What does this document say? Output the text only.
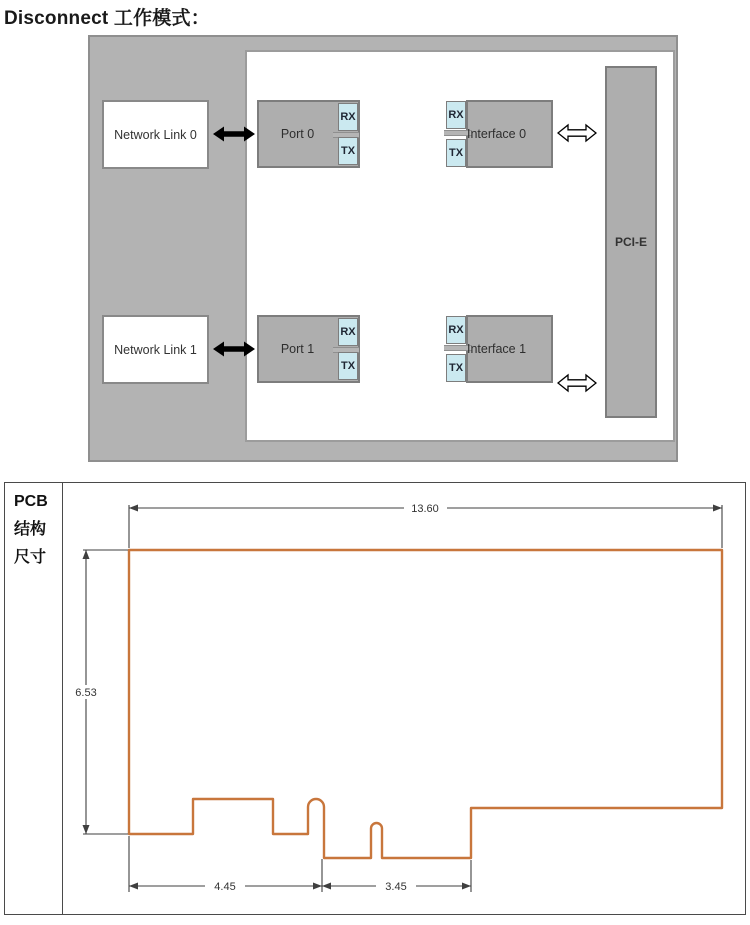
Disconnect 工作模式：
PCI-E
Network Link 0	Port 0
RX
TX
RX
TX
Interface 0
Network Link 1	Port 1
RX
TX
RX
TX
Interface 1
PCB
结构
尺寸
13.60
6.53
4.45	3.45
